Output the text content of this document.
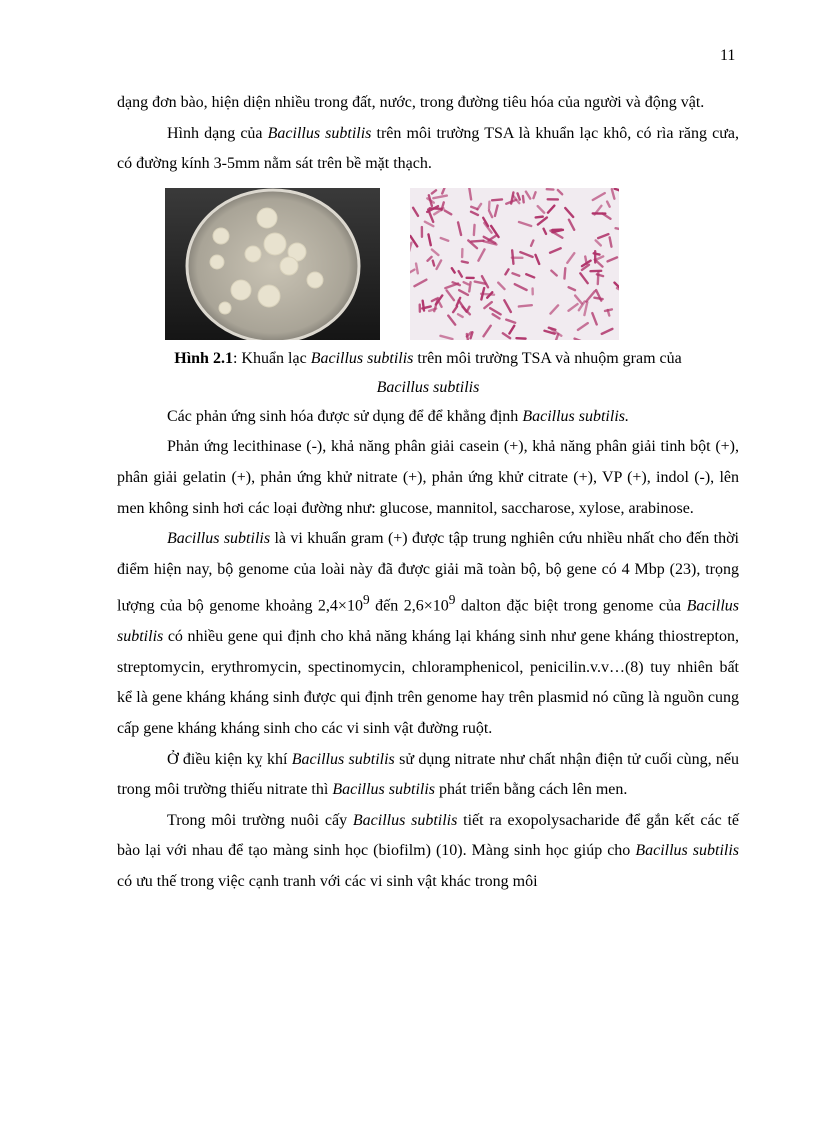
11

dạng đơn bào, hiện diện nhiều trong đất, nước, trong đường tiêu hóa của người và động vật.

Hình dạng của Bacillus subtilis trên môi trường TSA là khuẩn lạc khô, có rìa răng cưa, có đường kính 3-5mm nằm sát trên bề mặt thạch.

Hình 2.1: Khuẩn lạc Bacillus subtilis trên môi trường TSA và nhuộm gram của

Bacillus subtilis

Các phản ứng sinh hóa được sử dụng để để khẳng định Bacillus subtilis.

Phản ứng lecithinase (-), khả năng phân giải casein (+), khả năng phân giải tinh bột (+), phân giải gelatin (+), phản ứng khử nitrate (+), phản ứng khử citrate (+), VP (+), indol (-), lên men không sinh hơi các loại đường như: glucose, mannitol, saccharose, xylose, arabinose.

Bacillus subtilis là vi khuẩn gram (+) được tập trung nghiên cứu nhiều nhất cho đến thời điểm hiện nay, bộ genome của loài này đã được giải mã toàn bộ, bộ gene có 4 Mbp (23), trọng lượng của bộ genome khoảng $2,4\times 10^9$ đến $2,6\times 10^9$ dalton đặc biệt trong genome của Bacillus subtilis có nhiều gene qui định cho khả năng kháng lại kháng sinh như gene kháng thiostrepton, streptomycin, erythromycin, spectinomycin, chloramphenicol, penicilin.v.v…(8) tuy nhiên bất kể là gene kháng kháng sinh được qui định trên genome hay trên plasmid nó cũng là nguồn cung cấp gene kháng kháng sinh cho các vi sinh vật đường ruột.

Ở điều kiện kỵ khí Bacillus subtilis sử dụng nitrate như chất nhận điện tử cuối cùng, nếu trong môi trường thiếu nitrate thì Bacillus subtilis phát triển bằng cách lên men.

Trong môi trường nuôi cấy Bacillus subtilis tiết ra exopolysacharide để gắn kết các tế bào lại với nhau để tạo màng sinh học (biofilm) (10). Màng sinh học giúp cho Bacillus subtilis có ưu thế trong việc cạnh tranh với các vi sinh vật khác trong môi
